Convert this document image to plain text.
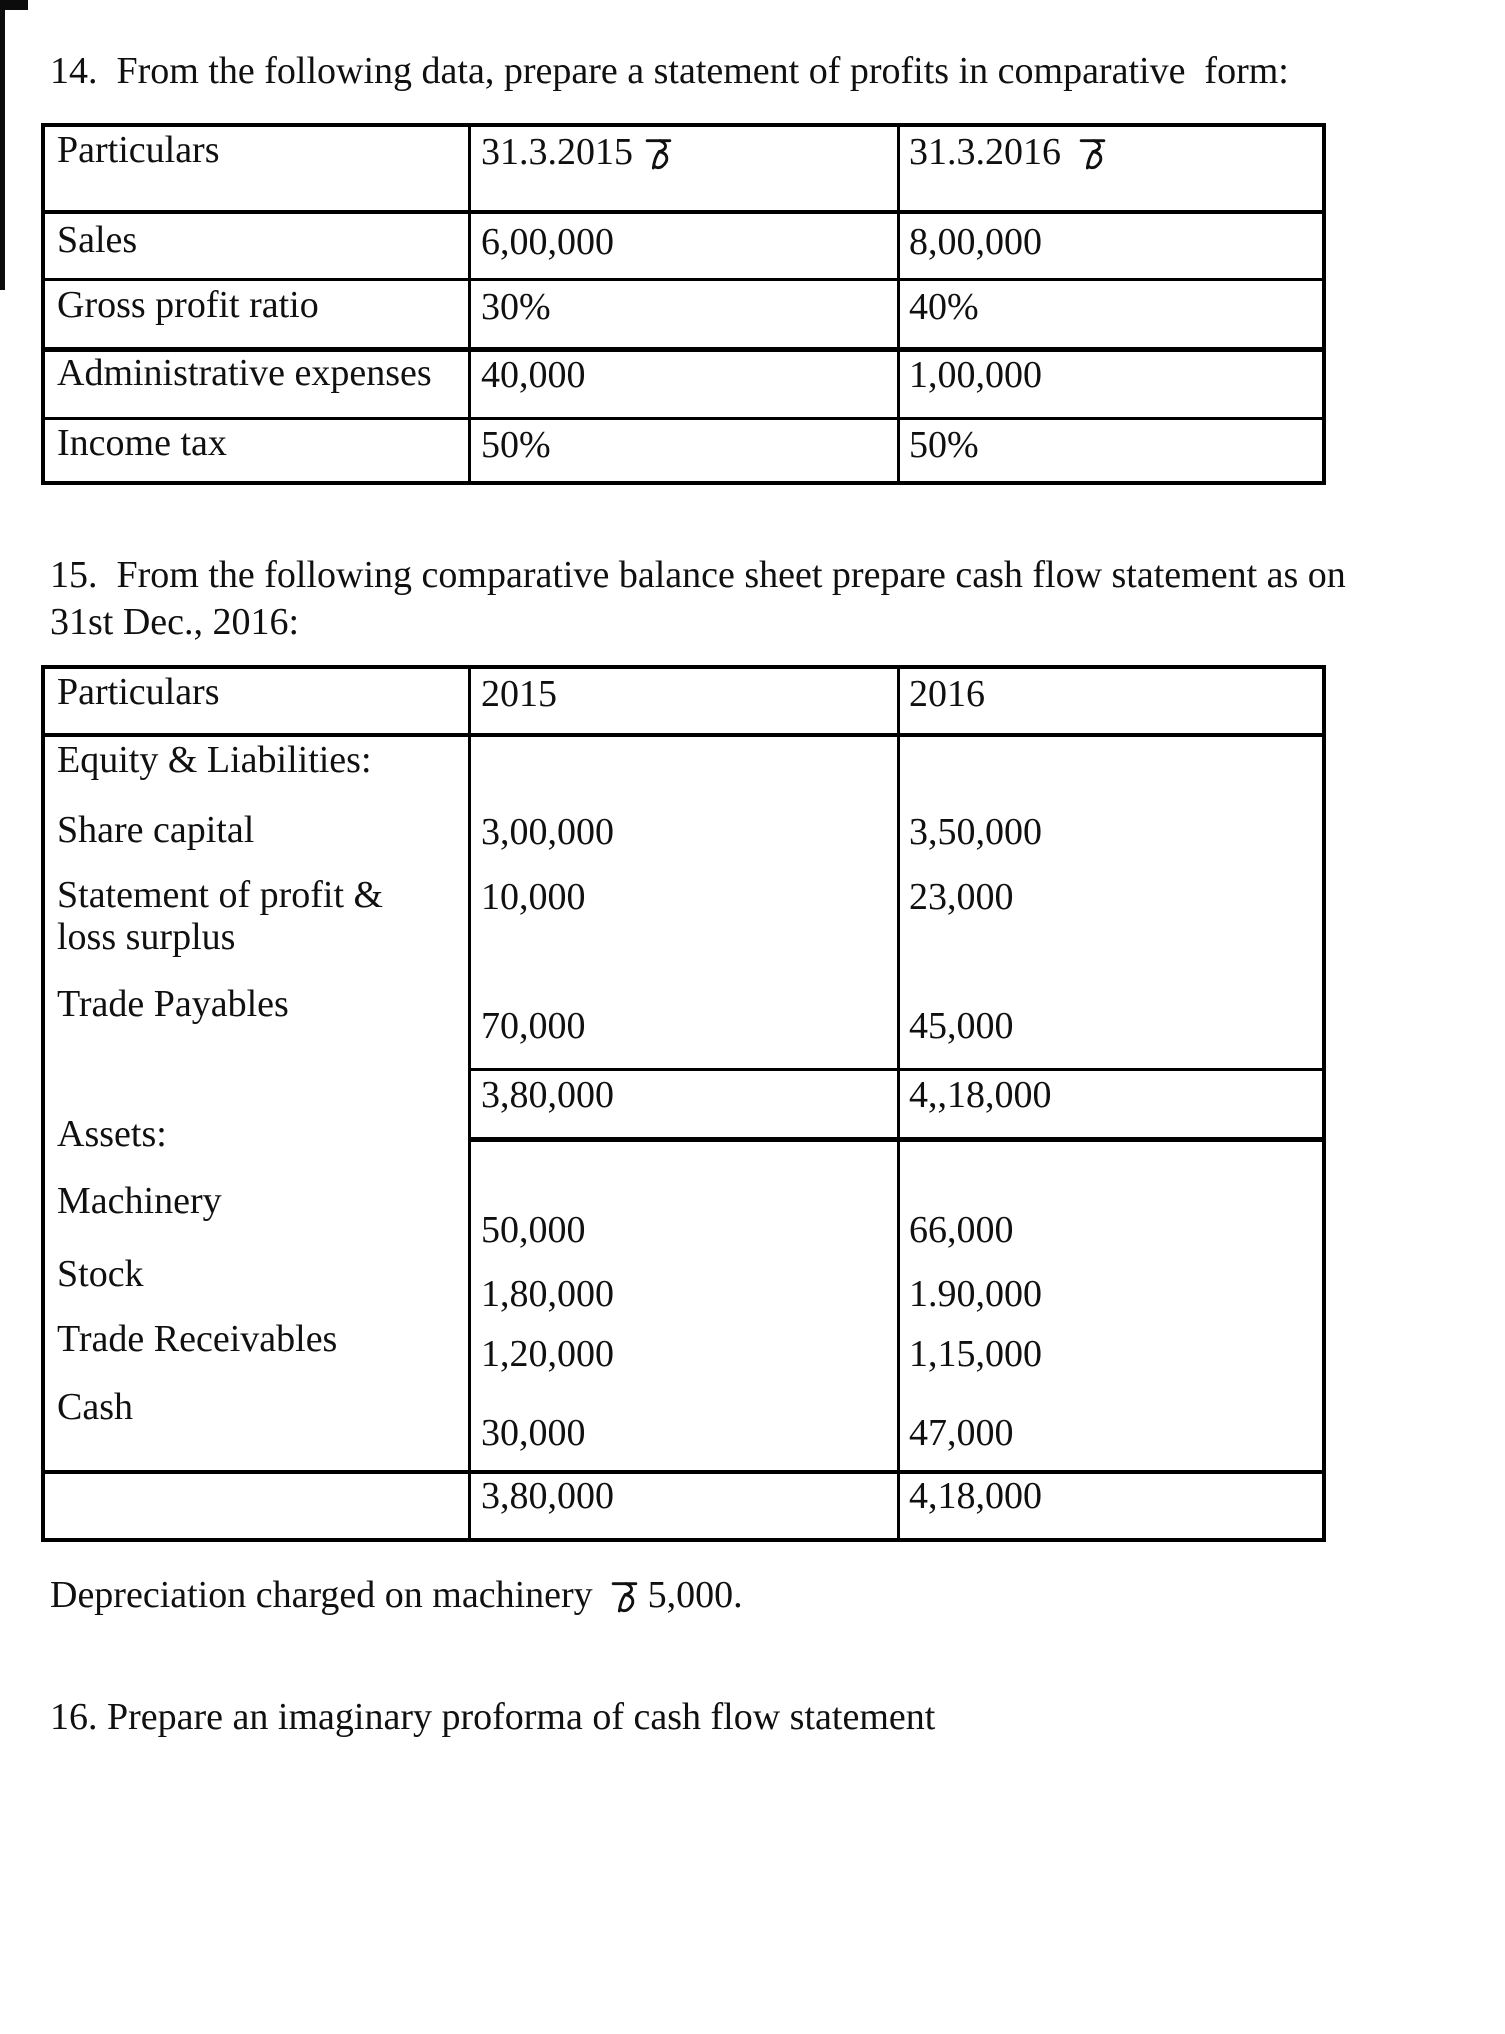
14.  From the following data, prepare a statement of profits in comparative  form:
Particulars	31.3.2015	31.3.2016
Sales	6,00,000	8,00,000
Gross profit ratio	30%	40%
Administrative expenses 40,000	1,00,000
Income tax	50%	50%
15.  From the following comparative balance sheet prepare cash flow statement as on
31st Dec., 2016:
Particulars	2015	2016
Equity & Liabilities:
Share capital	3,00,000	3,50,000
Statement of profit &
loss surplus
10,000	23,000
Trade Payables
70,000	45,000
3,80,000	4,,18,000
Assets:
Machinery
50,000	66,000
Stock	1,80,000	1.90,000
Trade Receivables	1,20,000	1,15,000
Cash
30,000	47,000
3,80,000	4,18,000
Depreciation charged on machinery 5,000.
16. Prepare an imaginary proforma of cash flow statement
